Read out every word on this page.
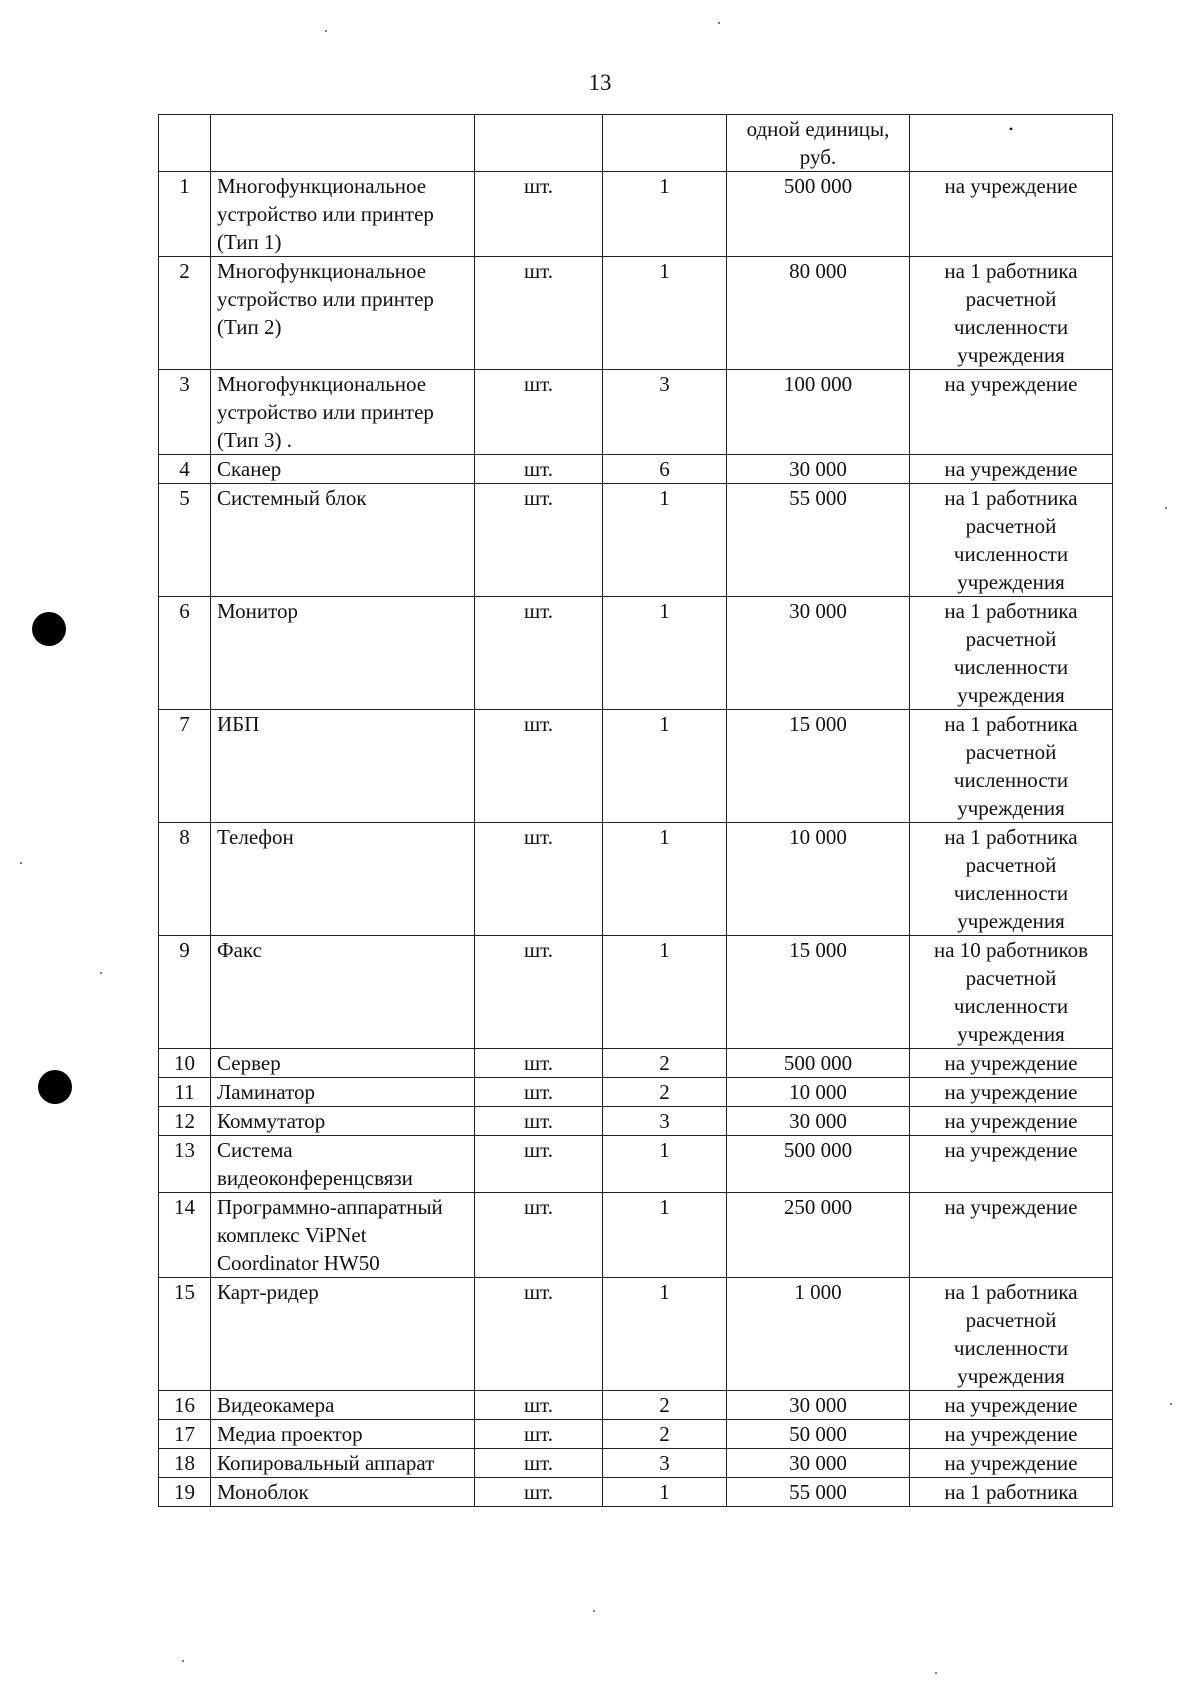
13
				одной единицы, руб.	•
1	Многофункциональное устройство или принтер (Тип 1)	шт.	1	500 000	на учреждение
2	Многофункциональное устройство или принтер (Тип 2)	шт.	1	80 000	на 1 работника расчетной численности учреждения
3	Многофункциональное устройство или принтер (Тип 3) .	шт.	3	100 000	на учреждение
4	Сканер	шт.	6	30 000	на учреждение
5	Системный блок	шт.	1	55 000	на 1 работника расчетной численности учреждения
6	Монитор	шт.	1	30 000	на 1 работника расчетной численности учреждения
7	ИБП	шт.	1	15 000	на 1 работника расчетной численности учреждения
8	Телефон	шт.	1	10 000	на 1 работника расчетной численности учреждения
9	Факс	шт.	1	15 000	на 10 работников расчетной численности учреждения
10	Сервер	шт.	2	500 000	на учреждение
11	Ламинатор	шт.	2	10 000	на учреждение
12	Коммутатор	шт.	3	30 000	на учреждение
13	Система видеоконференцсвязи	шт.	1	500 000	на учреждение
14	Программно-аппаратный комплекс ViPNet Coordinator HW50	шт.	1	250 000	на учреждение
15	Карт-ридер	шт.	1	1 000	на 1 работника расчетной численности учреждения
16	Видеокамера	шт.	2	30 000	на учреждение
17	Медиа проектор	шт.	2	50 000	на учреждение
18	Копировальный аппарат	шт.	3	30 000	на учреждение
19	Моноблок	шт.	1	55 000	на 1 работника
